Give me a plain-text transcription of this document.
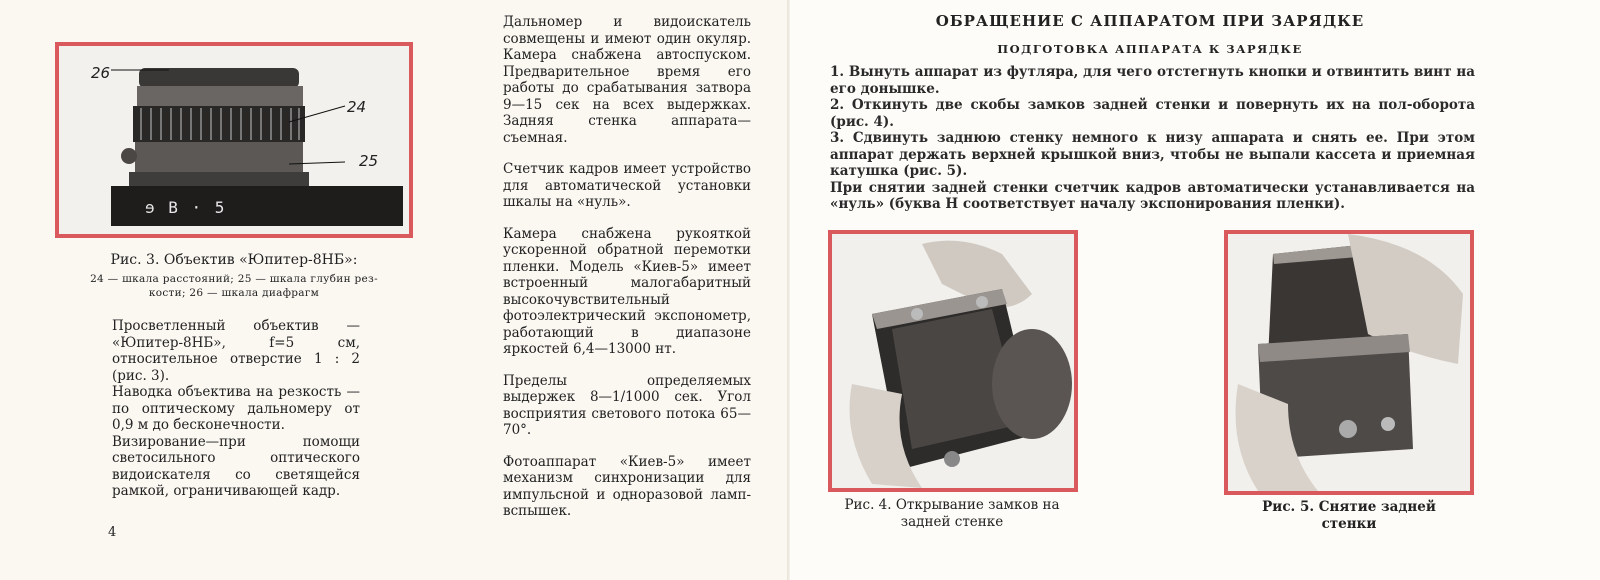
26
24
25
ɘ B · 5
Рис. 3. Объектив «Юпитер-8НБ»:
24 — шкала расстояний; 25 — шкала глубин рез-
кости; 26 — шкала диафрагм
Просветленный объектив — «Юпитер-8НБ», f=5 см, относительное отверстие 1 : 2 (рис. 3).
Наводка объектива на резкость — по оптическому дальномеру от 0,9 м до бесконечности.
Визирование—при помощи светосильного оптического видоискателя со светящейся рамкой, ограничивающей кадр.
4

Дальномер и видоискатель совмещены и имеют один окуляр. Камера снабжена автоспуском. Предварительное время его работы до срабатывания затвора 9—15 сек на всех выдержках. Задняя стенка аппарата—съемная.

Счетчик кадров имеет устройство для автоматической установки шкалы на «нуль».

Камера снабжена рукояткой ускоренной обратной перемотки пленки. Модель «Киев-5» имеет встроенный малогабаритный высокочувствительный фотоэлектрический экспонометр, работающий в диапазоне яркостей 6,4—13000 нт.

Пределы определяемых выдержек 8—1/1000 сек. Угол восприятия светового потока 65—70°.

Фотоаппарат «Киев-5» имеет механизм синхронизации для импульсной и одноразовой ламп-вспышек.

ОБРАЩЕНИЕ С АППАРАТОМ ПРИ ЗАРЯДКЕ
ПОДГОТОВКА АППАРАТА К ЗАРЯДКЕ
1. Вынуть аппарат из футляра, для чего отстегнуть кнопки и отвинтить винт на его донышке.
2. Откинуть две скобы замков задней стенки и повернуть их на пол-оборота (рис. 4).
3. Сдвинуть заднюю стенку немного к низу аппарата и снять ее. При этом аппарат держать верхней крышкой вниз, чтобы не выпали кассета и приемная катушка (рис. 5).
При снятии задней стенки счетчик кадров автоматически устанавливается на «нуль» (буква Н соответствует началу экспонирования пленки).
Рис. 4. Открывание замков на задней стенке
Рис. 5. Снятие задней стенки
